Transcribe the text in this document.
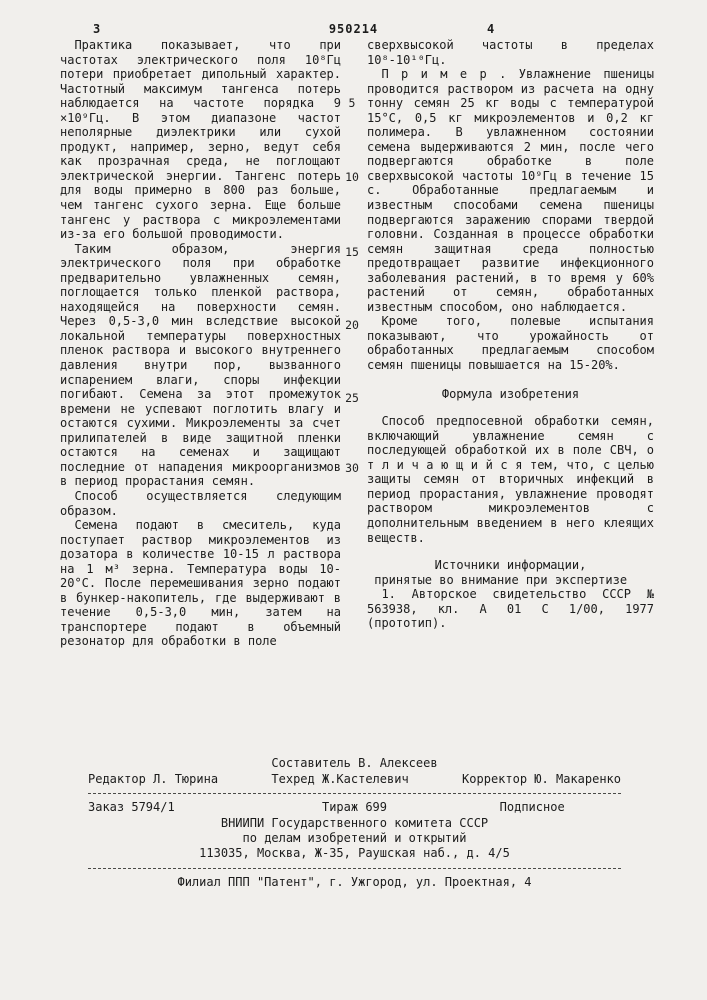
950214
3	4
5
10
15
20
25
30

Практика показывает, что при частотах электрического поля 10⁸Гц потери приобретает дипольный характер. Частотный максимум тангенса потерь наблюдается на частоте порядка 9 ×10⁹Гц. В этом диапазоне частот неполярные диэлектрики или сухой продукт, например, зерно, ведут себя как прозрачная среда, не поглощают электрической энергии. Тангенс потерь для воды примерно в 800 раз больше, чем тангенс сухого зерна. Еще больше тангенс у раствора с микроэлементами из-за его большой проводимости.

Таким образом, энергия электрического поля при обработке предварительно увлажненных семян, поглощается только пленкой раствора, находящейся на поверхности семян. Через 0,5-3,0 мин вследствие высокой локальной температуры поверхностных пленок раствора и высокого внутреннего давления внутри пор, вызванного испарением влаги, споры инфекции погибают. Семена за этот промежуток времени не успевают поглотить влагу и остаются сухими. Микроэлементы за счет прилипателей в виде защитной пленки остаются на семенах и защищают последние от нападения микроорганизмов в период прорастания семян.

Способ осуществляется следующим образом.

Семена подают в смеситель, куда поступает раствор микроэлементов из дозатора в количестве 10-15 л раствора на 1 м³ зерна. Температура воды 10-20°С. После перемешивания зерно подают в бункер-накопитель, где выдерживают в течение 0,5-3,0 мин, затем на транспортере подают в объемный резонатор для обработки в поле

сверхвысокой частоты в пределах 10⁸-10¹⁰Гц.

П р и м е р . Увлажнение пшеницы проводится раствором из расчета на одну тонну семян 25 кг воды с температурой 15°С, 0,5 кг микроэлементов и 0,2 кг полимера. В увлажненном состоянии семена выдерживаются 2 мин, после чего подвергаются обработке в поле сверхвысокой частоты 10⁹Гц в течение 15 с. Обработанные предлагаемым и известным способами семена пшеницы подвергаются заражению спорами твердой головни. Созданная в процессе обработки семян защитная среда полностью предотвращает развитие инфекционного заболевания растений, в то время у 60% растений от семян, обработанных известным способом, оно наблюдается.

Кроме того, полевые испытания показывают, что урожайность от обработанных предлагаемым способом семян пшеницы повышается на 15-20%.

Формула изобретения

Способ предпосевной обработки семян, включающий увлажнение семян с последующей обработкой их в поле СВЧ, о т л и ч а ю щ и й с я тем, что, с целью защиты семян от вторичных инфекций в период прорастания, увлажнение проводят раствором микроэлементов с дополнительным введением в него клеящих веществ.

Источники информации,

принятые во внимание при экспертизе

1. Авторское свидетельство СССР № 563938, кл. А 01 С 1/00, 1977 (прототип).

Составитель В. Алексеев
Редактор Л. Тюрина	Техред Ж.Кастелевич	Корректор Ю. Макаренко
Заказ 5794/1	Тираж 699	Подписное
ВНИИПИ Государственного комитета СССР
по делам изобретений и открытий
113035, Москва, Ж-35, Раушская наб., д. 4/5
Филиал ППП "Патент", г. Ужгород, ул. Проектная, 4
